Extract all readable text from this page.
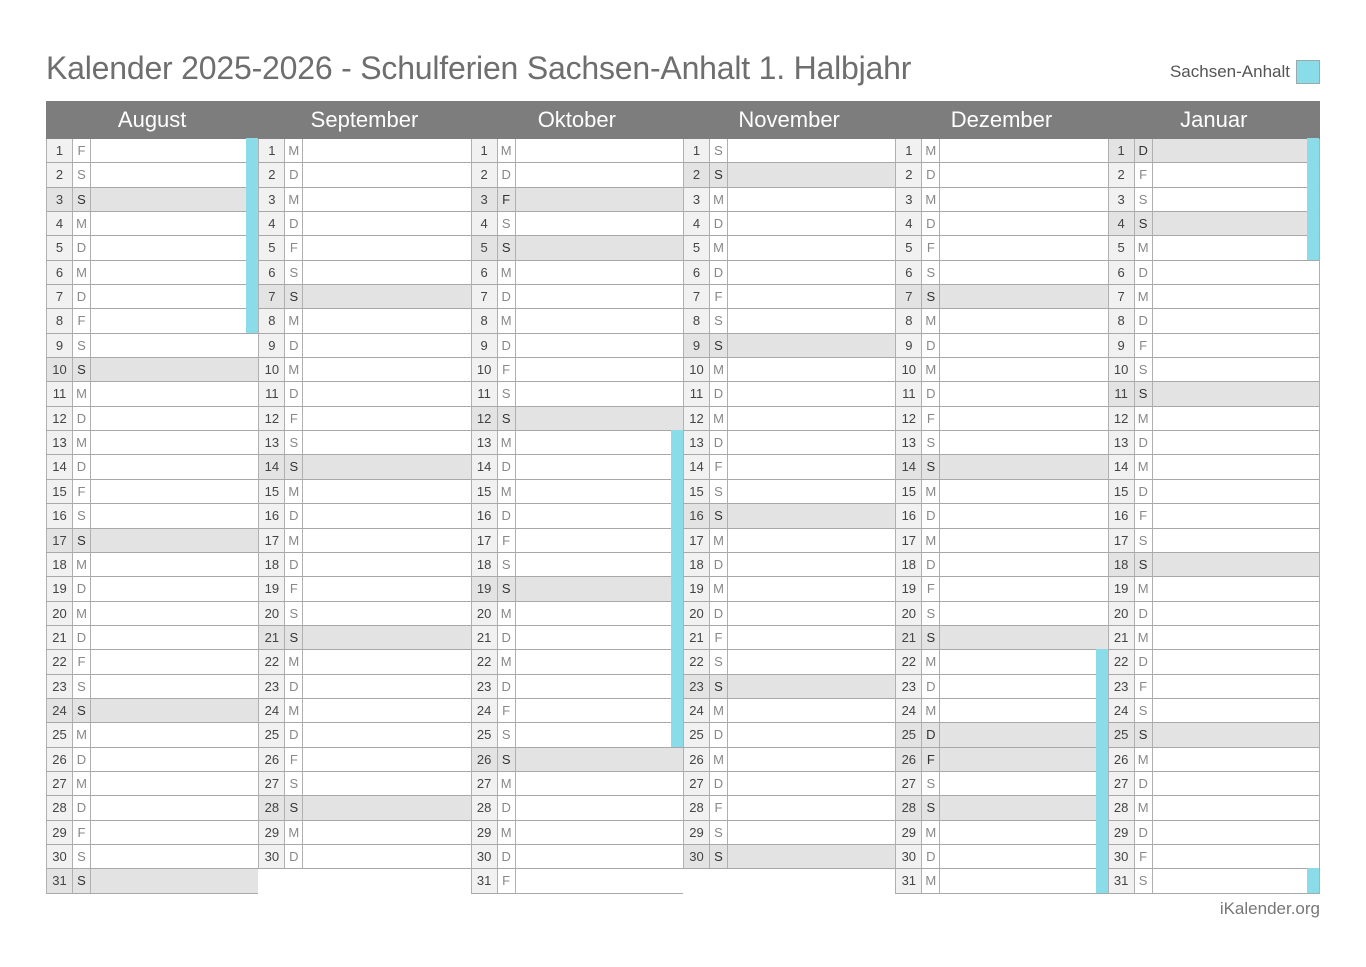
Kalender 2025-2026 - Schulferien Sachsen-Anhalt 1. Halbjahr	Sachsen-Anhalt
August
1	F
2	S
3	S
4 M
5	D
6 M
7	D
8	F
9	S
10 S
11 M
12 D
13 M
14 D
15 F
16 S
17 S
18 M
19 D
20 M
21 D
22 F
23 S
24 S
25 M
26 D
27 M
28 D
29 F
30 S
31 S
September
1 M
2	D
3 M
4	D
5	F
6	S
7	S
8 M
9	D
10 M
11 D
12 F
13 S
14 S
15 M
16 D
17 M
18 D
19 F
20 S
21 S
22 M
23 D
24 M
25 D
26 F
27 S
28 S
29 M
30 D
Oktober
1 M
2	D
3	F
4	S
5	S
6 M
7	D
8 M
9	D
10 F
11 S
12 S
13 M
14 D
15 M
16 D
17 F
18 S
19 S
20 M
21 D
22 M
23 D
24 F
25 S
26 S
27 M
28 D
29 M
30 D
31 F
November
1	S
2	S
3 M
4	D
5 M
6	D
7	F
8	S
9	S
10 M
11 D
12 M
13 D
14 F
15 S
16 S
17 M
18 D
19 M
20 D
21 F
22 S
23 S
24 M
25 D
26 M
27 D
28 F
29 S
30 S
Dezember
1 M
2	D
3 M
4	D
5	F
6	S
7	S
8 M
9	D
10 M
11 D
12 F
13 S
14 S
15 M
16 D
17 M
18 D
19 F
20 S
21 S
22 M
23 D
24 M
25 D
26 F
27 S
28 S
29 M
30 D
31 M
Januar
1	D
2	F
3	S
4	S
5 M
6	D
7 M
8	D
9	F
10 S
11 S
12 M
13 D
14 M
15 D
16 F
17 S
18 S
19 M
20 D
21 M
22 D
23 F
24 S
25 S
26 M
27 D
28 M
29 D
30 F
31 S
iKalender.org
